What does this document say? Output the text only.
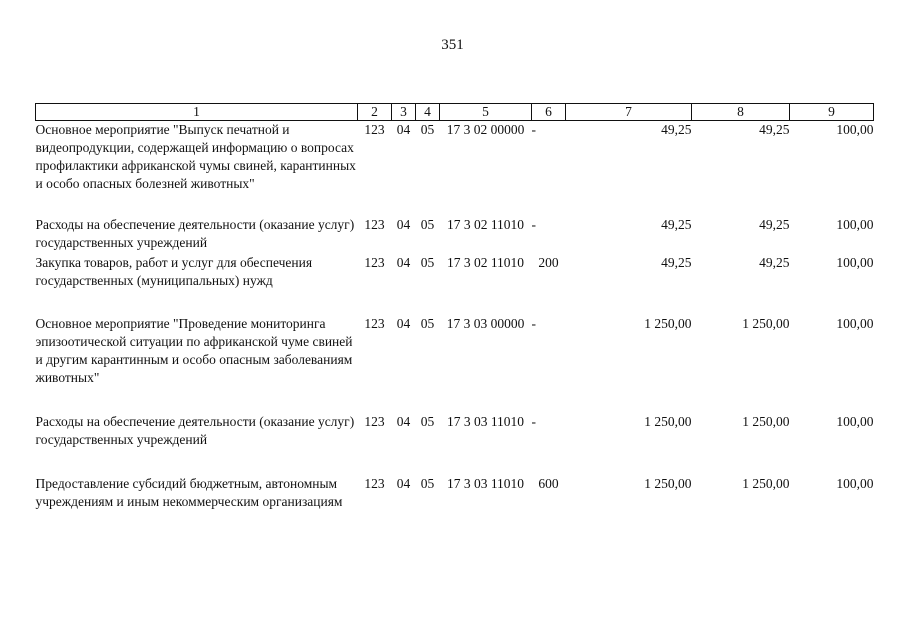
351
1	2	3	4	5	6	7	8	9
Основное мероприятие "Выпуск печатной и видеопродукции, содержащей информацию о вопросах профилактики африканской чумы свиней, карантинных и особо опасных болезней животных"	123	04	05	17 3 02 00000	-	49,25	49,25	100,00
Расходы на обеспечение деятельности (оказание услуг) государственных учреждений	123	04	05	17 3 02 11010	-	49,25	49,25	100,00
Закупка товаров, работ и услуг для обеспечения государственных (муниципальных) нужд	123	04	05	17 3 02 11010	200	49,25	49,25	100,00
Основное мероприятие "Проведение мониторинга эпизоотической ситуации по африканской чуме свиней и другим карантинным и особо опасным заболеваниям животных"	123	04	05	17 3 03 00000	-	1 250,00	1 250,00	100,00
Расходы на обеспечение деятельности (оказание услуг) государственных учреждений	123	04	05	17 3 03 11010	-	1 250,00	1 250,00	100,00
Предоставление субсидий бюджетным, автономным учреждениям и иным некоммерческим организациям	123	04	05	17 3 03 11010	600	1 250,00	1 250,00	100,00
